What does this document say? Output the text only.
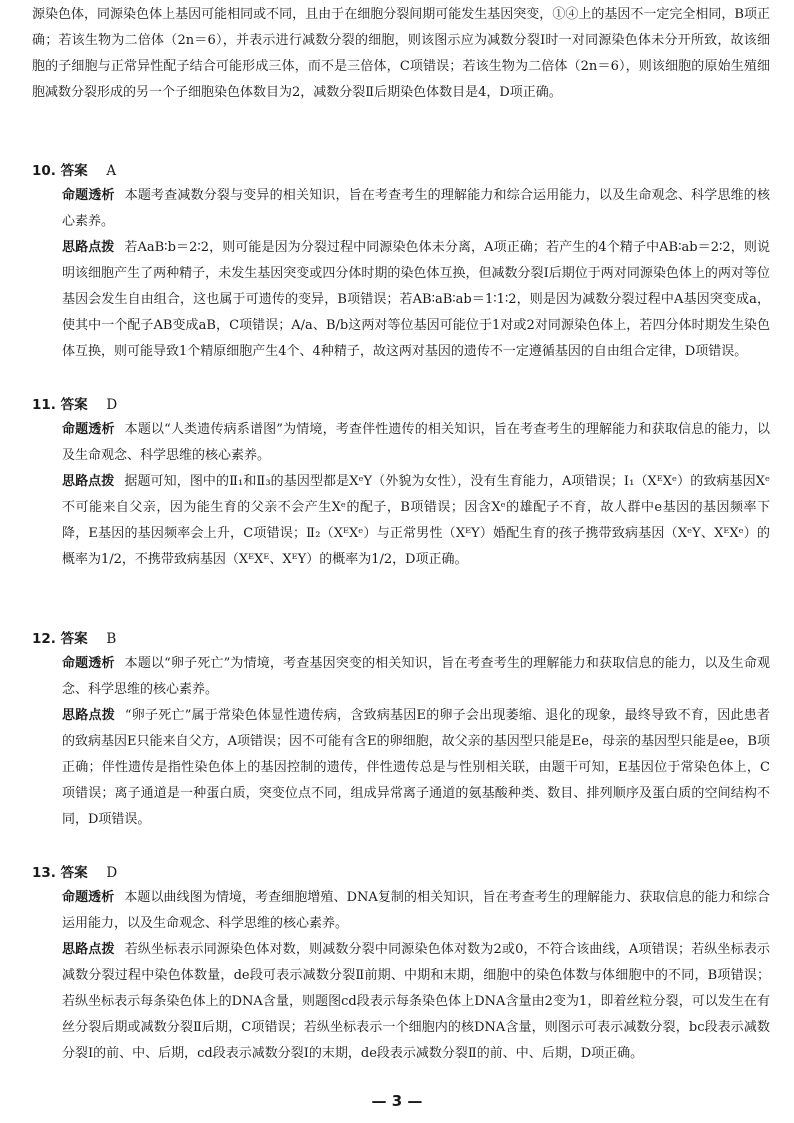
源染色体，同源染色体上基因可能相同或不同，且由于在细胞分裂间期可能发生基因突变，①④上的基因不一定完全相同，B项正确；若该生物为二倍体（2n＝6），并表示进行减数分裂的细胞，则该图示应为减数分裂Ⅰ时一对同源染色体未分开所致，故该细胞的子细胞与正常异性配子结合可能形成三体，而不是三倍体，C项错误；若该生物为二倍体（2n＝6），则该细胞的原始生殖细胞减数分裂形成的另一个子细胞染色体数目为2，减数分裂Ⅱ后期染色体数目是4，D项正确。

10. 答案 A

命题透析 本题考查减数分裂与变异的相关知识，旨在考查考生的理解能力和综合运用能力，以及生命观念、科学思维的核心素养。

思路点拨 若AaB∶b＝2∶2，则可能是因为分裂过程中同源染色体未分离，A项正确；若产生的4个精子中AB∶ab＝2∶2，则说明该细胞产生了两种精子，未发生基因突变或四分体时期的染色体互换，但减数分裂Ⅰ后期位于两对同源染色体上的两对等位基因会发生自由组合，这也属于可遗传的变异，B项错误；若AB∶aB∶ab＝1∶1∶2，则是因为减数分裂过程中A基因突变成a，使其中一个配子AB变成aB，C项错误；A/a、B/b这两对等位基因可能位于1对或2对同源染色体上，若四分体时期发生染色体互换，则可能导致1个精原细胞产生4个、4种精子，故这两对基因的遗传不一定遵循基因的自由组合定律，D项错误。

11. 答案 D

命题透析 本题以“人类遗传病系谱图”为情境，考查伴性遗传的相关知识，旨在考查考生的理解能力和获取信息的能力，以及生命观念、科学思维的核心素养。

思路点拨 据题可知，图中的Ⅱ₁和Ⅱ₃的基因型都是XᵉY（外貌为女性），没有生育能力，A项错误；Ⅰ₁（XᴱXᵉ）的致病基因Xᵉ不可能来自父亲，因为能生育的父亲不会产生Xᵉ的配子，B项错误；因含Xᵉ的雄配子不育，故人群中e基因的基因频率下降，E基因的基因频率会上升，C项错误；Ⅱ₂（XᴱXᵉ）与正常男性（XᴱY）婚配生育的孩子携带致病基因（XᵉY、XᴱXᵉ）的概率为1/2，不携带致病基因（XᴱXᴱ、XᴱY）的概率为1/2，D项正确。

12. 答案 B

命题透析 本题以“卵子死亡”为情境，考查基因突变的相关知识，旨在考查考生的理解能力和获取信息的能力，以及生命观念、科学思维的核心素养。

思路点拨 “卵子死亡”属于常染色体显性遗传病，含致病基因E的卵子会出现萎缩、退化的现象，最终导致不育，因此患者的致病基因E只能来自父方，A项错误；因不可能有含E的卵细胞，故父亲的基因型只能是Ee，母亲的基因型只能是ee，B项正确；伴性遗传是指性染色体上的基因控制的遗传，伴性遗传总是与性别相关联，由题干可知，E基因位于常染色体上，C项错误；离子通道是一种蛋白质，突变位点不同，组成异常离子通道的氨基酸种类、数目、排列顺序及蛋白质的空间结构不同，D项错误。

13. 答案 D

命题透析 本题以曲线图为情境，考查细胞增殖、DNA复制的相关知识，旨在考查考生的理解能力、获取信息的能力和综合运用能力，以及生命观念、科学思维的核心素养。

思路点拨 若纵坐标表示同源染色体对数，则减数分裂中同源染色体对数为2或0，不符合该曲线，A项错误；若纵坐标表示减数分裂过程中染色体数量，de段可表示减数分裂Ⅱ前期、中期和末期，细胞中的染色体数与体细胞中的不同，B项错误；若纵坐标表示每条染色体上的DNA含量，则题图cd段表示每条染色体上DNA含量由2变为1，即着丝粒分裂，可以发生在有丝分裂后期或减数分裂Ⅱ后期，C项错误；若纵坐标表示一个细胞内的核DNA含量，则图示可表示减数分裂，bc段表示减数分裂Ⅰ的前、中、后期，cd段表示减数分裂Ⅰ的末期，de段表示减数分裂Ⅱ的前、中、后期，D项正确。

— 3 —
